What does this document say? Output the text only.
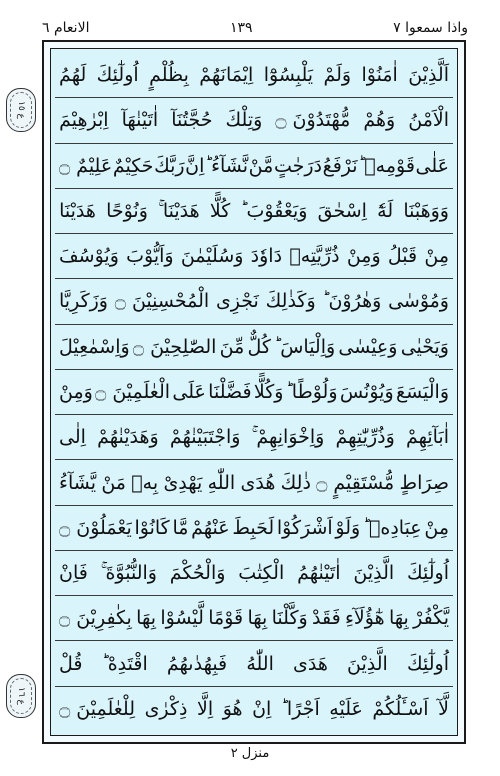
واذا سمعوا ٧
١٣٩
الانعام ٦
ع ١٥
ع ١٦
اَلَّذِيْنَ
اٰمَنُوْا
وَلَمْ
يَلْبِسُوْٓا
اِيْمَانَهُمْ
بِظُلْمٍ
اُولٰٓئِكَ
لَهُمُ
الْاَمْنُ
وَهُمْ
مُّهْتَدُوْنَ ۝
وَتِلْكَ
حُجَّتُنَآ
اٰتَيْنٰهَآ
اِبْرٰهِيْمَ
عَلٰى
قَوْمِهٖ ؕ
نَرْفَعُ
دَرَجٰتٍ
مَّنْ
نَّشَآءُ ؕ
اِنَّ
رَبَّكَ
حَكِيْمٌ
عَلِيْمٌ ۝
وَوَهَبْنَا
لَهٗٓ
اِسْحٰقَ
وَيَعْقُوْبَ ؕ
كُلًّا
هَدَيْنَا ۚ
وَنُوْحًا
هَدَيْنَا
مِنْ
قَبْلُ
وَمِنْ
ذُرِّيَّتِهٖ
دَاوٗدَ
وَسُلَيْمٰنَ
وَاَيُّوْبَ
وَيُوْسُفَ
وَمُوْسٰى
وَهٰرُوْنَ ؕ
وَكَذٰلِكَ
نَجْزِى
الْمُحْسِنِيْنَ ۝
وَزَكَرِيَّا
وَيَحْيٰى
وَعِيْسٰى
وَاِلْيَاسَ ؕ
كُلٌّ
مِّنَ
الصّٰلِحِيْنَ ۝
وَاِسْمٰعِيْلَ
وَالْيَسَعَ
وَيُوْنُسَ
وَلُوْطًا ؕ
وَكُلًّا
فَضَّلْنَا
عَلَى
الْعٰلَمِيْنَ ۝
وَمِنْ
اٰبَآئِهِمْ
وَذُرِّيّٰتِهِمْ
وَاِخْوَانِهِمْ ۚ
وَاجْتَبَيْنٰهُمْ
وَهَدَيْنٰهُمْ
اِلٰى
صِرَاطٍ
مُّسْتَقِيْمٍ ۝
ذٰلِكَ
هُدَى
اللّٰهِ
يَهْدِىْ
بِهٖ
مَنْ
يَّشَآءُ
مِنْ
عِبَادِهٖ ؕ
وَلَوْ
اَشْرَكُوْا
لَحَبِطَ
عَنْهُمْ
مَّا
كَانُوْا
يَعْمَلُوْنَ ۝
اُولٰٓئِكَ
الَّذِيْنَ
اٰتَيْنٰهُمُ
الْكِتٰبَ
وَالْحُكْمَ
وَالنُّبُوَّةَ ۚ
فَاِنْ
يَّكْفُرْ
بِهَا
هٰٓؤُلَآءِ
فَقَدْ
وَكَّلْنَا
بِهَا
قَوْمًا
لَّيْسُوْا
بِهَا
بِكٰفِرِيْنَ ۝
اُولٰٓئِكَ
الَّذِيْنَ
هَدَى
اللّٰهُ
فَبِهُدٰىهُمُ
اقْتَدِهْ ؕ
قُلْ
لَّآ
اَسْـَٔلُكُمْ
عَلَيْهِ
اَجْرًا ؕ
اِنْ
هُوَ
اِلَّا
ذِكْرٰى
لِلْعٰلَمِيْنَ ۝
منزل ٢
